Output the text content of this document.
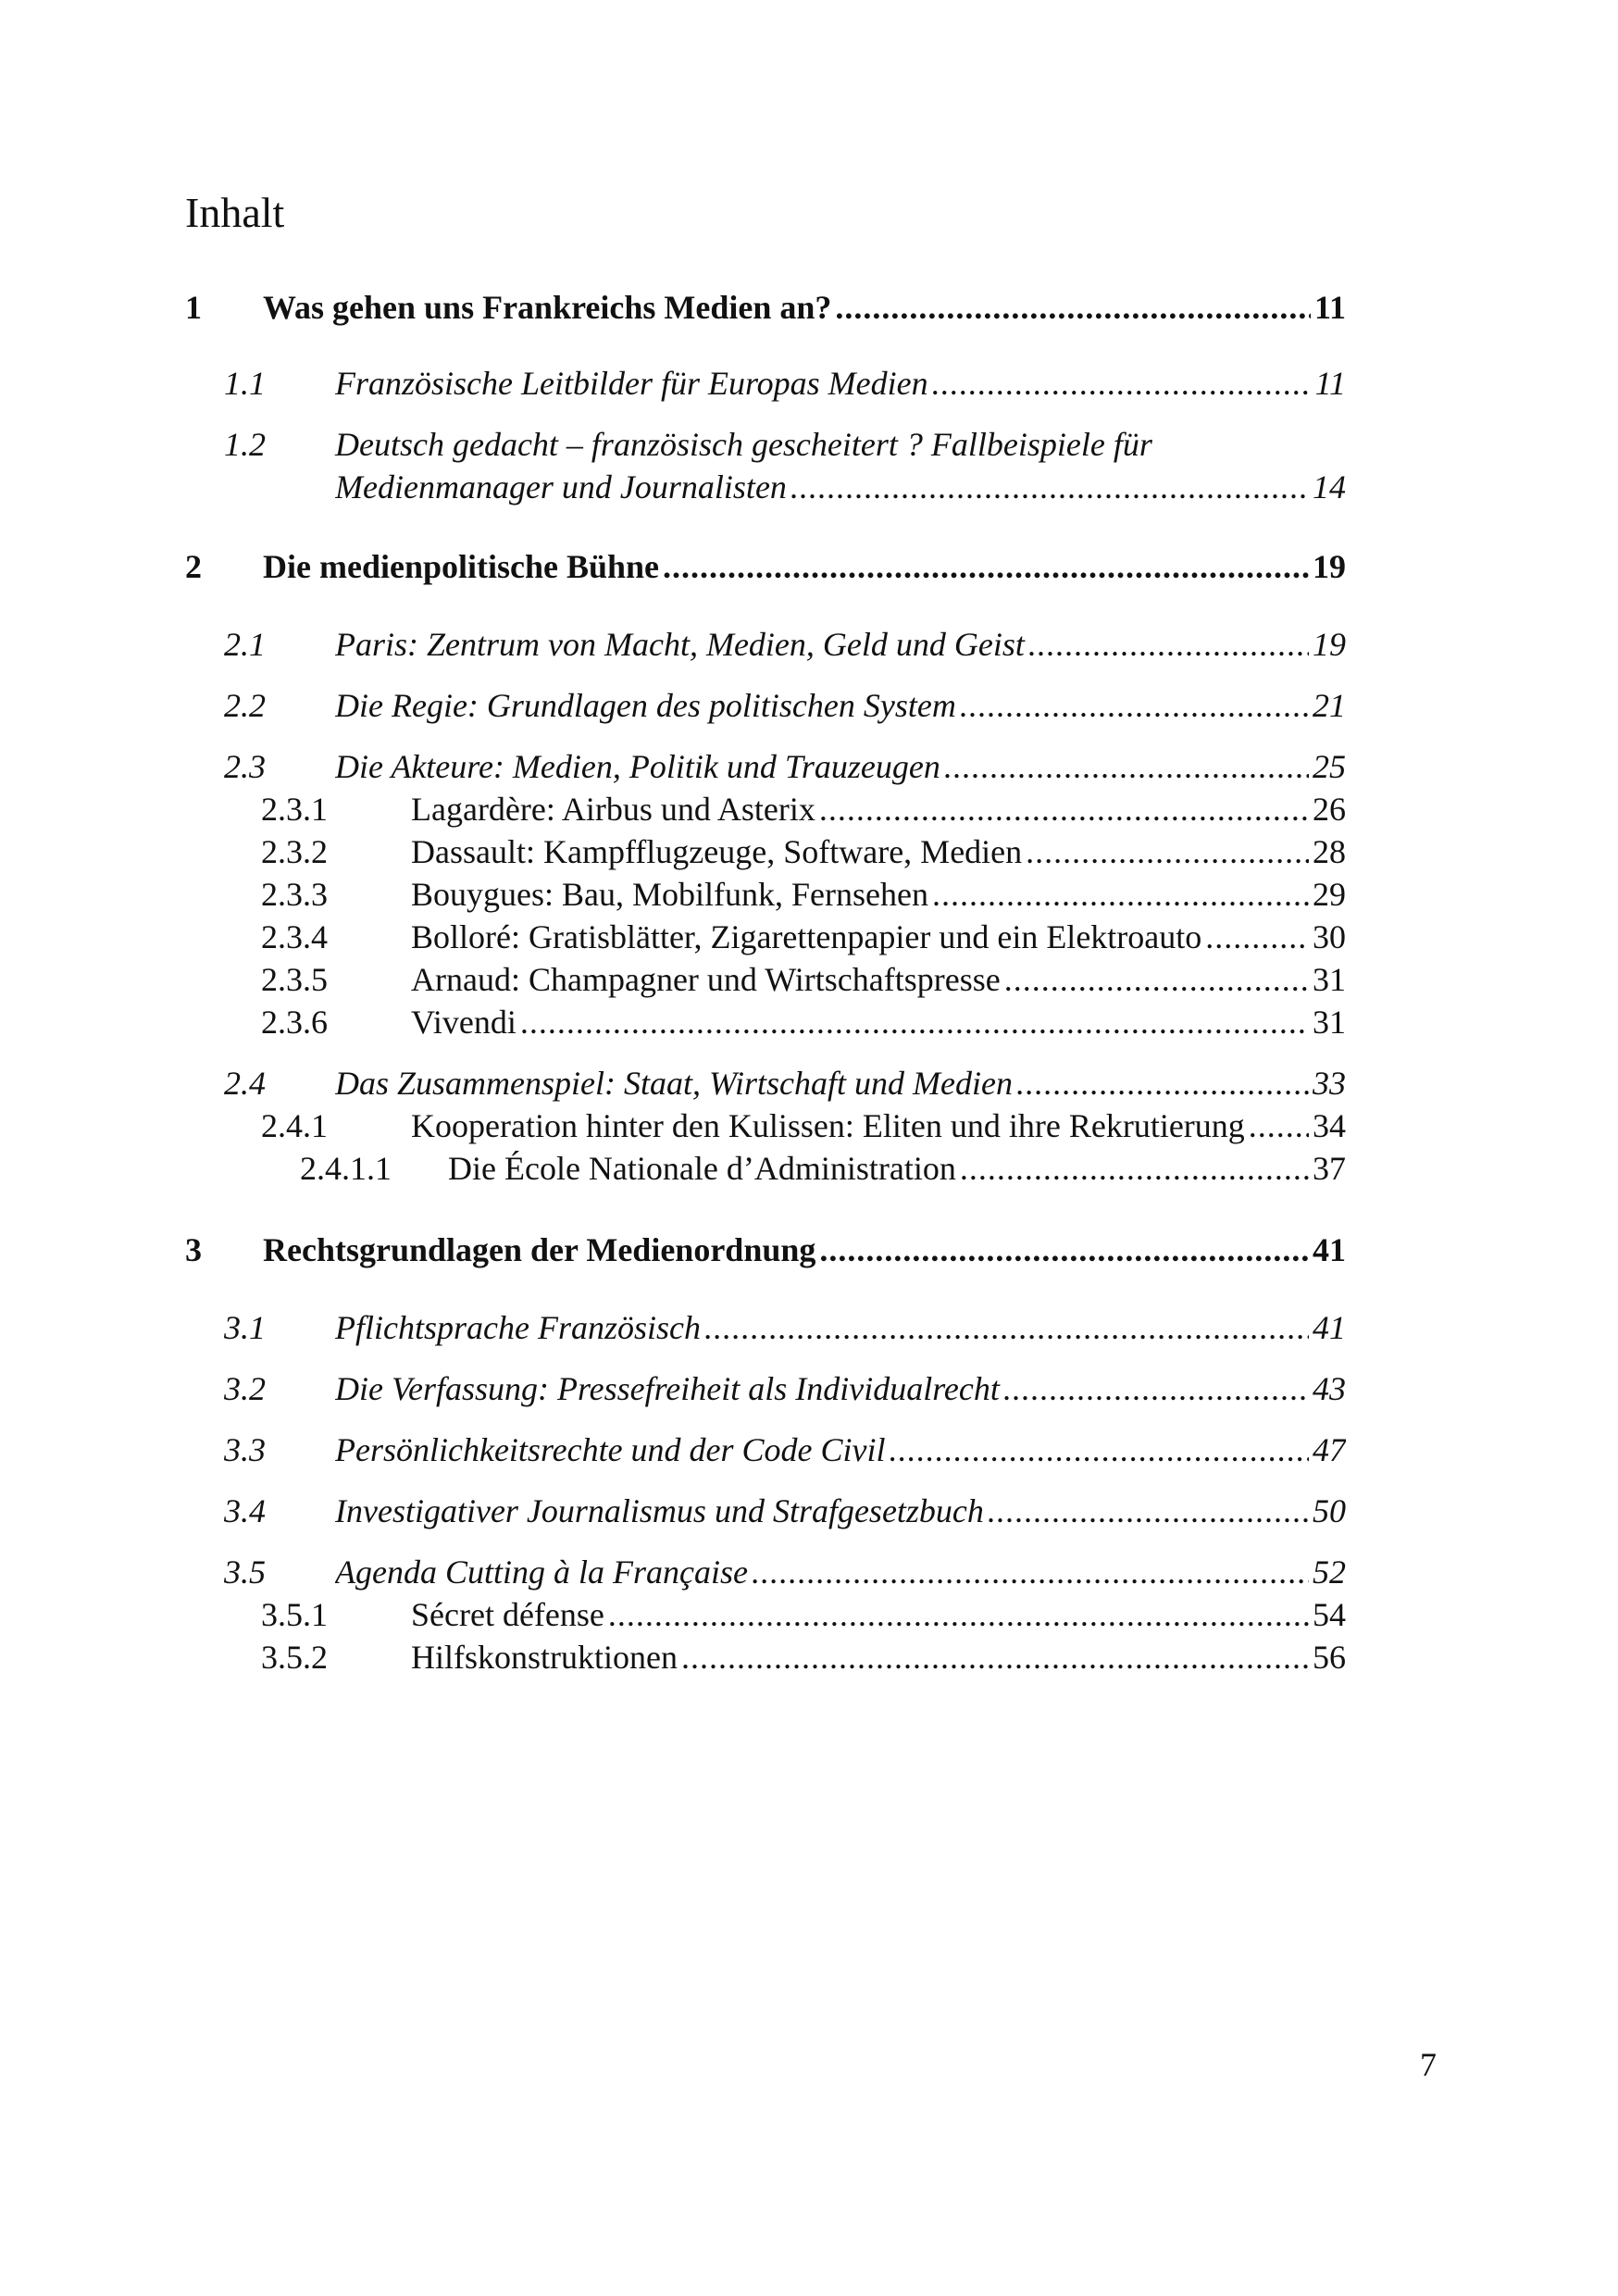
Inhalt
1 Was gehen uns Frankreichs Medien an? .....	11
1.1 Französische Leitbilder für Europas Medien .....	11
1.2 Deutsch gedacht – französisch gescheitert ? Fallbeispiele für
Medienmanager und Journalisten .....	14
2 Die medienpolitische Bühne .....	19
2.1 Paris: Zentrum von Macht, Medien, Geld und Geist .....	19
2.2 Die Regie: Grundlagen des politischen System .....	21
2.3 Die Akteure: Medien, Politik und Trauzeugen .....	25
2.3.1	Lagardère: Airbus und Asterix .....	26
2.3.2	Dassault: Kampfflugzeuge, Software, Medien .....	28
2.3.3	Bouygues: Bau, Mobilfunk, Fernsehen .....	29
2.3.4	Bolloré: Gratisblätter, Zigarettenpapier und ein Elektroauto .....	30
2.3.5	Arnaud: Champagner und Wirtschaftspresse .....	31
2.3.6	Vivendi .....	31
2.4 Das Zusammenspiel: Staat, Wirtschaft und Medien .....	33
2.4.1	Kooperation hinter den Kulissen: Eliten und ihre Rekrutierung ..... 34
2.4.1.1 Die École Nationale d’Administration .....	37
3 Rechtsgrundlagen der Medienordnung .....	41
3.1 Pflichtsprache Französisch .....	41
3.2 Die Verfassung: Pressefreiheit als Individualrecht .....	43
3.3 Persönlichkeitsrechte und der Code Civil .....	47
3.4 Investigativer Journalismus und Strafgesetzbuch .....	50
3.5 Agenda Cutting à la Française .....	52
3.5.1	Sécret défense .....	54
3.5.2	Hilfskonstruktionen .....	56
7
